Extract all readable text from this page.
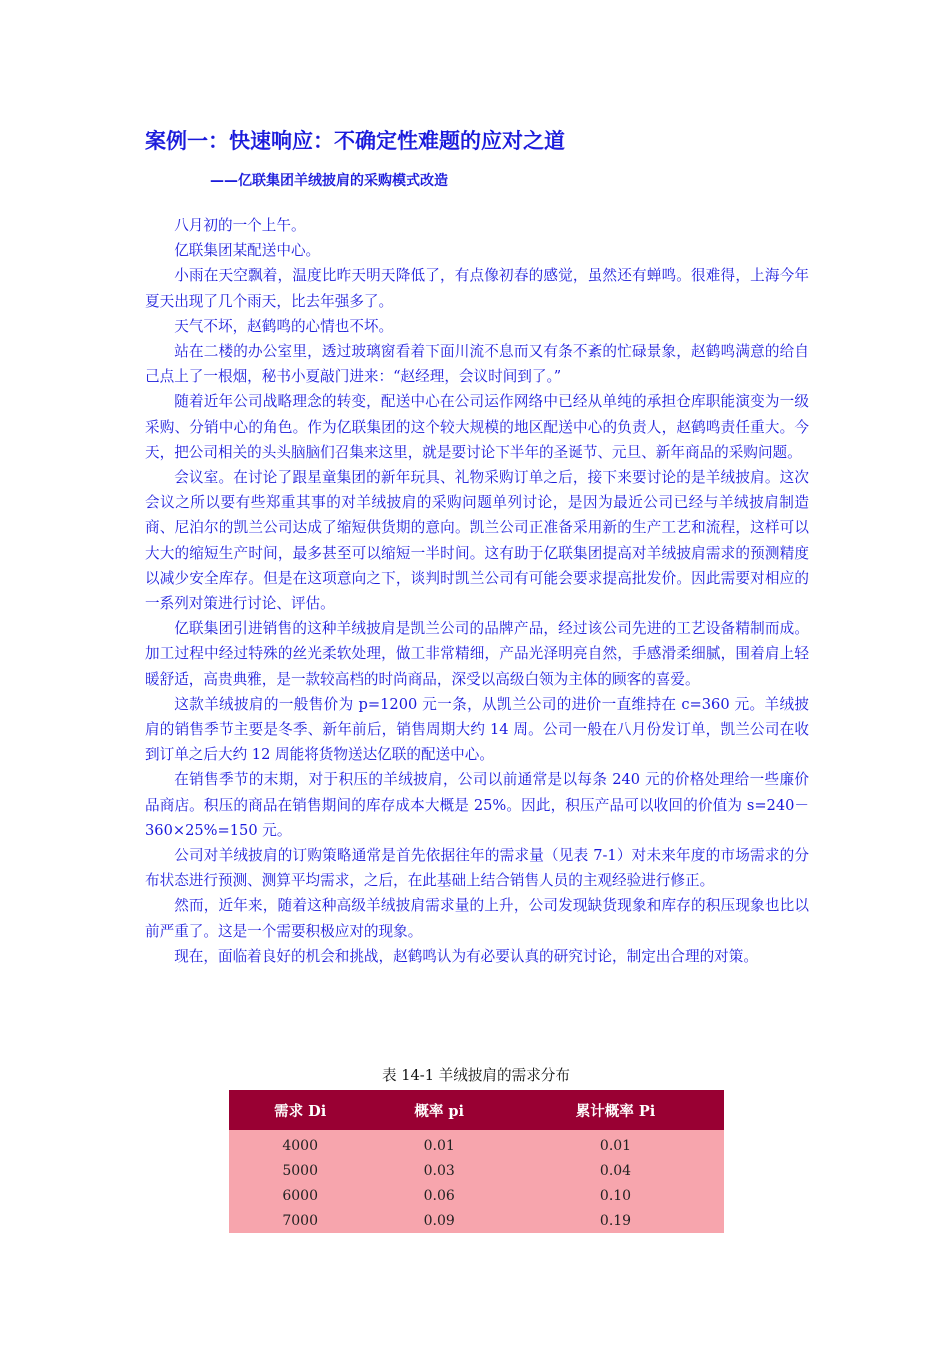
案例一：快速响应：不确定性难题的应对之道
——亿联集团羊绒披肩的采购模式改造

八月初的一个上午。

亿联集团某配送中心。

小雨在天空飘着，温度比昨天明天降低了，有点像初春的感觉，虽然还有蝉鸣。很难得，上海今年夏天出现了几个雨天，比去年强多了。

天气不坏，赵鹤鸣的心情也不坏。

站在二楼的办公室里，透过玻璃窗看着下面川流不息而又有条不紊的忙碌景象，赵鹤鸣满意的给自己点上了一根烟，秘书小夏敲门进来：“赵经理，会议时间到了。”

随着近年公司战略理念的转变，配送中心在公司运作网络中已经从单纯的承担仓库职能演变为一级采购、分销中心的角色。作为亿联集团的这个较大规模的地区配送中心的负责人，赵鹤鸣责任重大。今天，把公司相关的头头脑脑们召集来这里，就是要讨论下半年的圣诞节、元旦、新年商品的采购问题。

会议室。在讨论了跟星童集团的新年玩具、礼物采购订单之后，接下来要讨论的是羊绒披肩。这次会议之所以要有些郑重其事的对羊绒披肩的采购问题单列讨论，是因为最近公司已经与羊绒披肩制造商、尼泊尔的凯兰公司达成了缩短供货期的意向。凯兰公司正准备采用新的生产工艺和流程，这样可以大大的缩短生产时间，最多甚至可以缩短一半时间。这有助于亿联集团提高对羊绒披肩需求的预测精度以减少安全库存。但是在这项意向之下，谈判时凯兰公司有可能会要求提高批发价。因此需要对相应的一系列对策进行讨论、评估。

亿联集团引进销售的这种羊绒披肩是凯兰公司的品牌产品，经过该公司先进的工艺设备精制而成。加工过程中经过特殊的丝光柔软处理，做工非常精细，产品光泽明亮自然，手感滑柔细腻，围着肩上轻暖舒适，高贵典雅，是一款较高档的时尚商品，深受以高级白领为主体的顾客的喜爱。

这款羊绒披肩的一般售价为 p=1200 元一条，从凯兰公司的进价一直维持在 c=360 元。羊绒披肩的销售季节主要是冬季、新年前后，销售周期大约 14 周。公司一般在八月份发订单，凯兰公司在收到订单之后大约 12 周能将货物送达亿联的配送中心。

在销售季节的末期，对于积压的羊绒披肩，公司以前通常是以每条 240 元的价格处理给一些廉价品商店。积压的商品在销售期间的库存成本大概是 25%。因此，积压产品可以收回的价值为 s=240－360×25%=150 元。

公司对羊绒披肩的订购策略通常是首先依据往年的需求量（见表 7-1）对未来年度的市场需求的分布状态进行预测、测算平均需求，之后，在此基础上结合销售人员的主观经验进行修正。

然而，近年来，随着这种高级羊绒披肩需求量的上升，公司发现缺货现象和库存的积压现象也比以前严重了。这是一个需要积极应对的现象。

现在，面临着良好的机会和挑战，赵鹤鸣认为有必要认真的研究讨论，制定出合理的对策。

表 14-1 羊绒披肩的需求分布
需求 Di	概率 pi	累计概率 Pi
4000	0.01	0.01
5000	0.03	0.04
6000	0.06	0.10
7000	0.09	0.19
